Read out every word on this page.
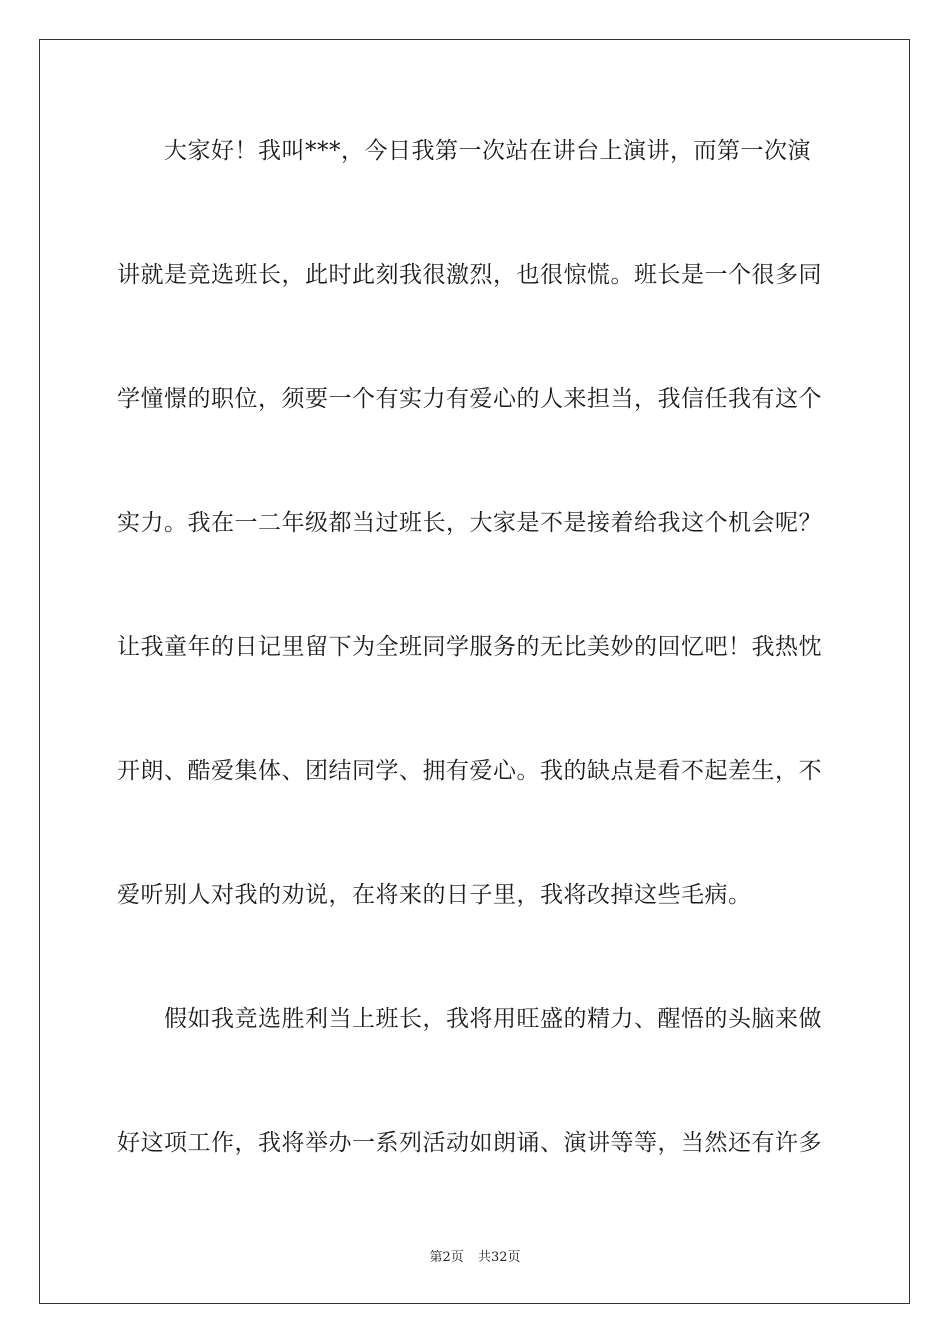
大家好！我叫***，今日我第一次站在讲台上演讲，而第一次演
讲就是竞选班长，此时此刻我很激烈，也很惊慌。班长是一个很多同
学憧憬的职位，须要一个有实力有爱心的人来担当，我信任我有这个
实力。我在一二年级都当过班长，大家是不是接着给我这个机会呢？
让我童年的日记里留下为全班同学服务的无比美妙的回忆吧！我热忱
开朗、酷爱集体、团结同学、拥有爱心。我的缺点是看不起差生，不
爱听别人对我的劝说，在将来的日子里，我将改掉这些毛病。
假如我竞选胜利当上班长，我将用旺盛的精力、醒悟的头脑来做
好这项工作，我将举办一系列活动如朗诵、演讲等等，当然还有许多
第2页 共32页
